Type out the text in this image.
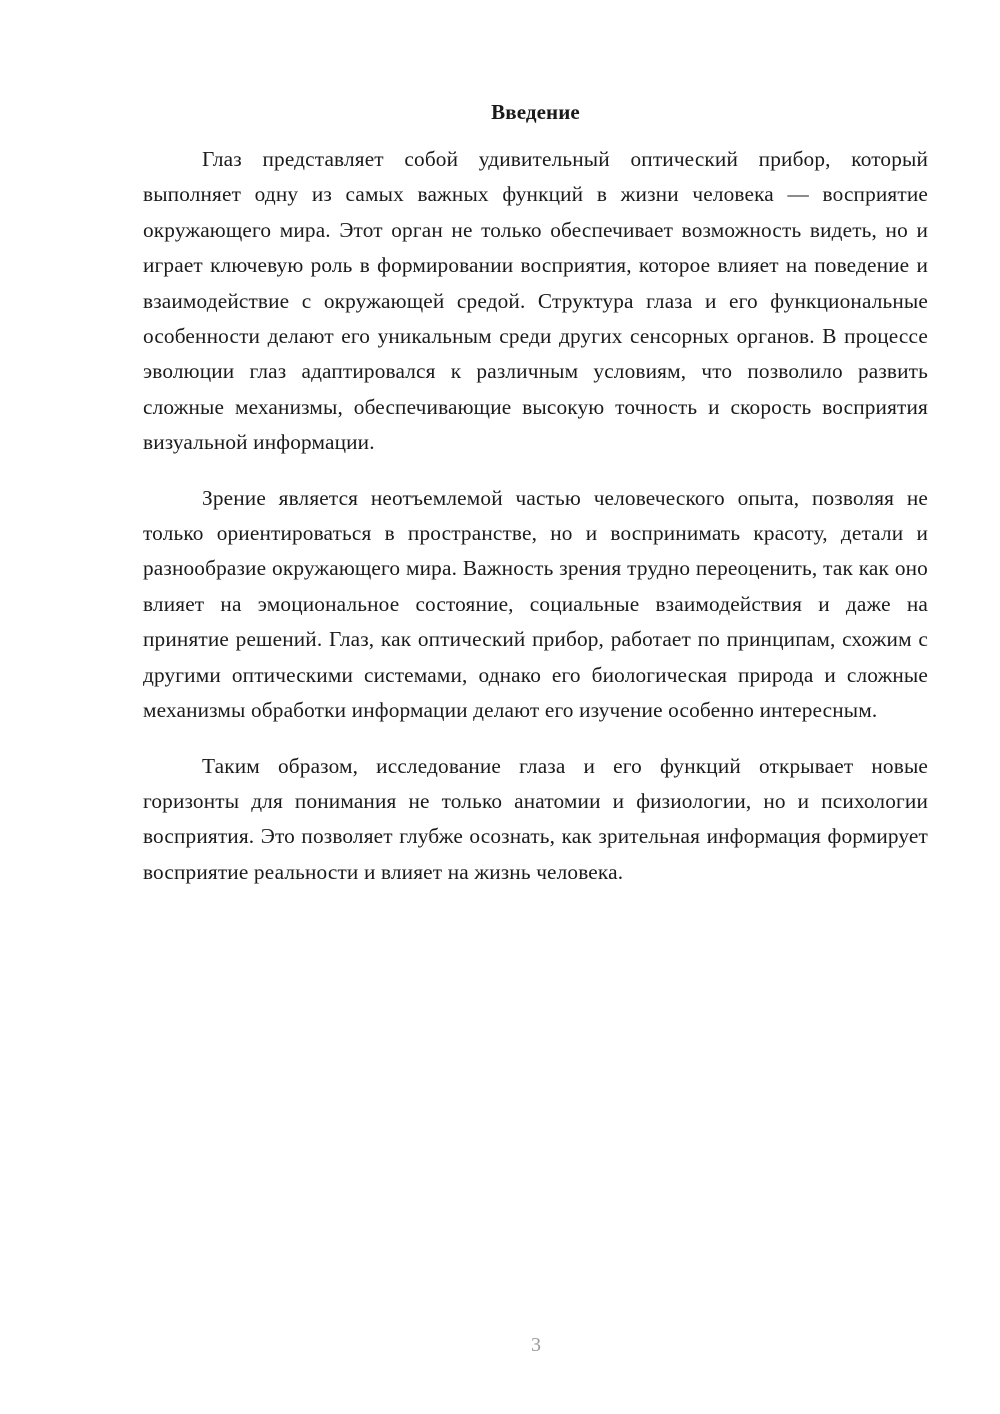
Введение

Глаз представляет собой удивительный оптический прибор, который выполняет одну из самых важных функций в жизни человека — восприятие окружающего мира. Этот орган не только обеспечивает возможность видеть, но и играет ключевую роль в формировании восприятия, которое влияет на поведение и взаимодействие с окружающей средой. Структура глаза и его функциональные особенности делают его уникальным среди других сенсорных органов. В процессе эволюции глаз адаптировался к различным условиям, что позволило развить сложные механизмы, обеспечивающие высокую точность и скорость восприятия визуальной информации.

Зрение является неотъемлемой частью человеческого опыта, позволяя не только ориентироваться в пространстве, но и воспринимать красоту, детали и разнообразие окружающего мира. Важность зрения трудно переоценить, так как оно влияет на эмоциональное состояние, социальные взаимодействия и даже на принятие решений. Глаз, как оптический прибор, работает по принципам, схожим с другими оптическими системами, однако его биологическая природа и сложные механизмы обработки информации делают его изучение особенно интересным.

Таким образом, исследование глаза и его функций открывает новые горизонты для понимания не только анатомии и физиологии, но и психологии восприятия. Это позволяет глубже осознать, как зрительная информация формирует восприятие реальности и влияет на жизнь человека.

3
